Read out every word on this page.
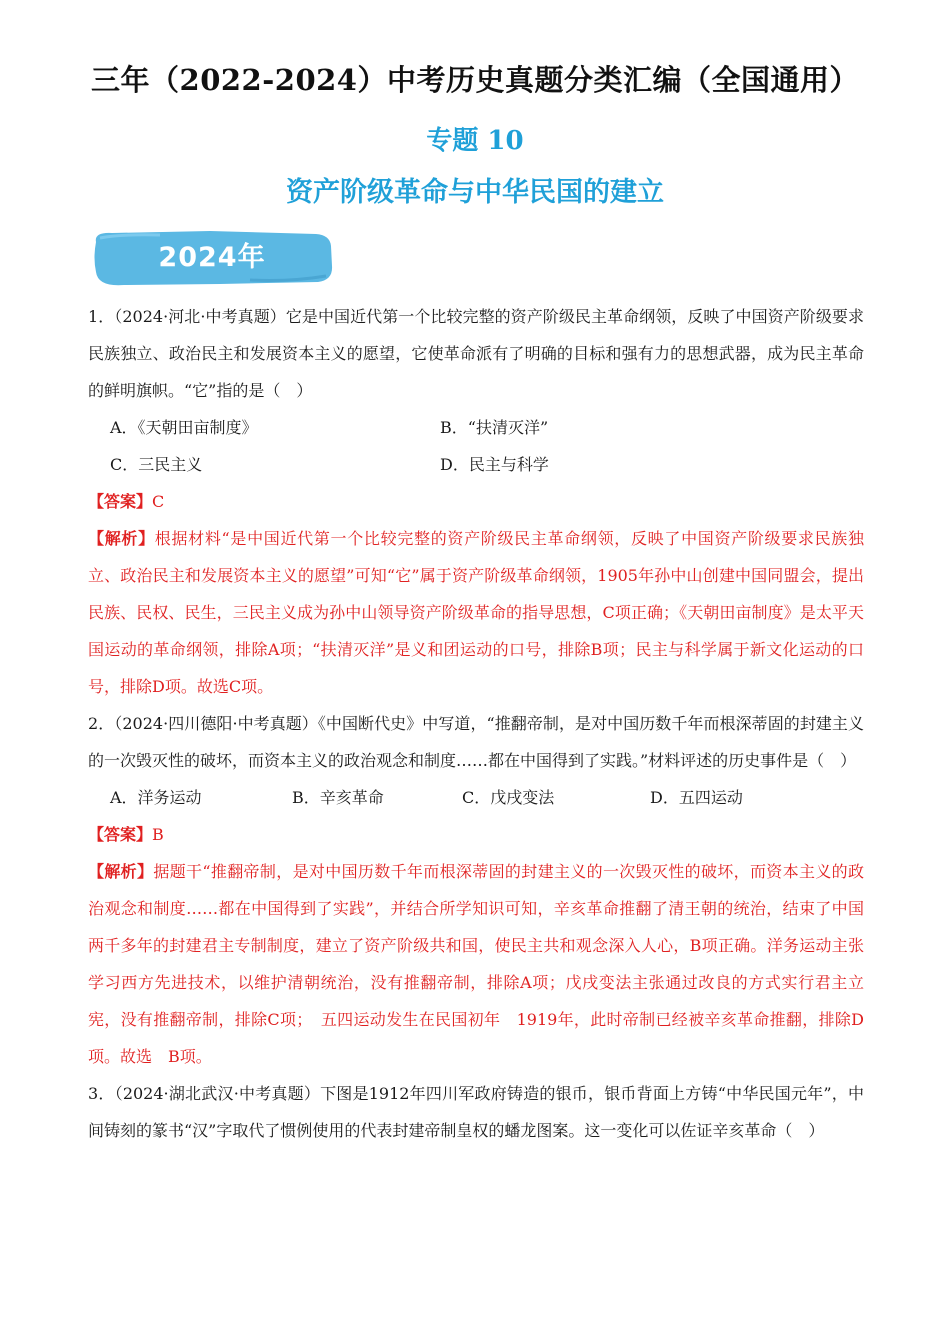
三年（2022-2024）中考历史真题分类汇编（全国通用）
专题 10
资产阶级革命与中华民国的建立
2024年

1．（2024·河北·中考真题）它是中国近代第一个比较完整的资产阶级民主革命纲领，反映了中国资产阶级要求民族独立、政治民主和发展资本主义的愿望，它使革命派有了明确的目标和强有力的思想武器，成为民主革命的鲜明旗帜。“它”指的是（　）

A．《天朝田亩制度》	B．“扶清灭洋”
C．三民主义	D．民主与科学

【答案】C

【解析】根据材料“是中国近代第一个比较完整的资产阶级民主革命纲领，反映了中国资产阶级要求民族独立、政治民主和发展资本主义的愿望”可知“它”属于资产阶级革命纲领，1905年孙中山创建中国同盟会，提出民族、民权、民生，三民主义成为孙中山领导资产阶级革命的指导思想，C项正确；《天朝田亩制度》是太平天国运动的革命纲领，排除A项；“扶清灭洋”是义和团运动的口号，排除B项；民主与科学属于新文化运动的口号，排除D项。故选C项。

2．（2024·四川德阳·中考真题）《中国断代史》中写道，“推翻帝制，是对中国历数千年而根深蒂固的封建主义的一次毁灭性的破坏，而资本主义的政治观念和制度……都在中国得到了实践。”材料评述的历史事件是（　）

A．洋务运动	B．辛亥革命	C．戊戌变法	D．五四运动

【答案】B

【解析】据题干“推翻帝制，是对中国历数千年而根深蒂固的封建主义的一次毁灭性的破坏，而资本主义的政治观念和制度……都在中国得到了实践”，并结合所学知识可知，辛亥革命推翻了清王朝的统治，结束了中国两千多年的封建君主专制制度，建立了资产阶级共和国，使民主共和观念深入人心，B项正确。洋务运动主张学习西方先进技术，以维护清朝统治，没有推翻帝制，排除A项；戊戌变法主张通过改良的方式实行君主立宪，没有推翻帝制，排除C项；　五四运动发生在民国初年　1919年，此时帝制已经被辛亥革命推翻，排除D项。故选　B项。

3．（2024·湖北武汉·中考真题）下图是1912年四川军政府铸造的银币，银币背面上方铸“中华民国元年”，中间铸刻的篆书“汉”字取代了惯例使用的代表封建帝制皇权的蟠龙图案。这一变化可以佐证辛亥革命（　）
